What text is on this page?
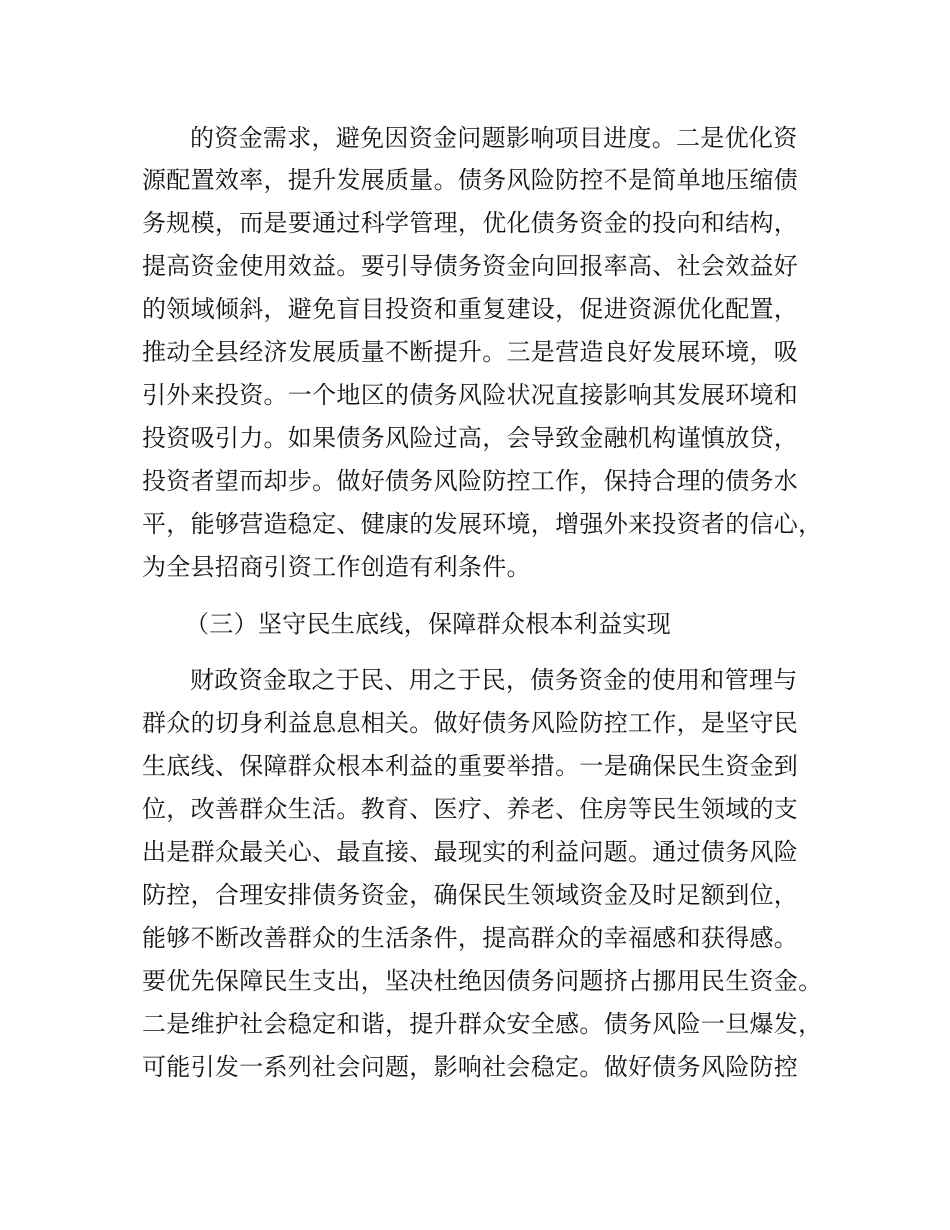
的资金需求，避免因资金问题影响项目进度。二是优化资
源配置效率，提升发展质量。债务风险防控不是简单地压缩债
务规模，而是要通过科学管理，优化债务资金的投向和结构，
提高资金使用效益。要引导债务资金向回报率高、社会效益好
的领域倾斜，避免盲目投资和重复建设，促进资源优化配置，
推动全县经济发展质量不断提升。三是营造良好发展环境，吸
引外来投资。一个地区的债务风险状况直接影响其发展环境和
投资吸引力。如果债务风险过高，会导致金融机构谨慎放贷，
投资者望而却步。做好债务风险防控工作，保持合理的债务水
平，能够营造稳定、健康的发展环境，增强外来投资者的信心，
为全县招商引资工作创造有利条件。
（三）坚守民生底线，保障群众根本利益实现
财政资金取之于民、用之于民，债务资金的使用和管理与
群众的切身利益息息相关。做好债务风险防控工作，是坚守民
生底线、保障群众根本利益的重要举措。一是确保民生资金到
位，改善群众生活。教育、医疗、养老、住房等民生领域的支
出是群众最关心、最直接、最现实的利益问题。通过债务风险
防控，合理安排债务资金，确保民生领域资金及时足额到位，
能够不断改善群众的生活条件，提高群众的幸福感和获得感。
要优先保障民生支出，坚决杜绝因债务问题挤占挪用民生资金。
二是维护社会稳定和谐，提升群众安全感。债务风险一旦爆发，
可能引发一系列社会问题，影响社会稳定。做好债务风险防控
